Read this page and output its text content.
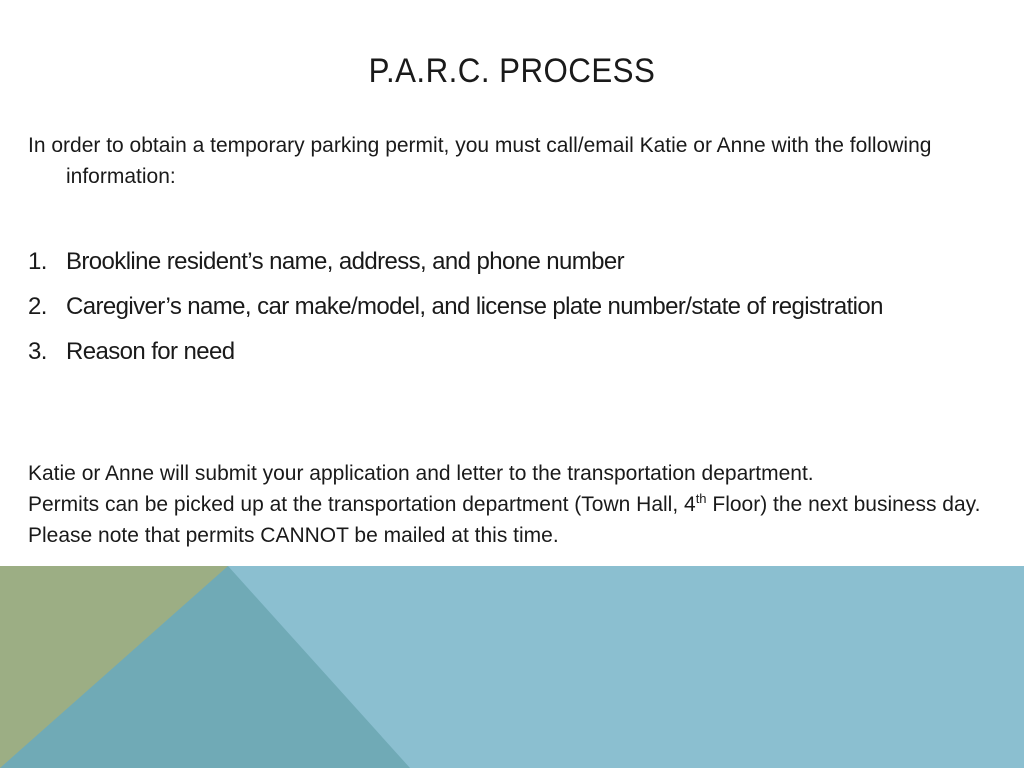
P.A.R.C. PROCESS
In order to obtain a temporary parking permit, you must call/email Katie or Anne with the following information:
1. Brookline resident’s name, address, and phone number
2. Caregiver’s name, car make/model, and license plate number/state of registration
3. Reason for need
Katie or Anne will submit your application and letter to the transportation department.
Permits can be picked up at the transportation department (Town Hall, 4th Floor) the next business day. Please note that permits CANNOT be mailed at this time.
